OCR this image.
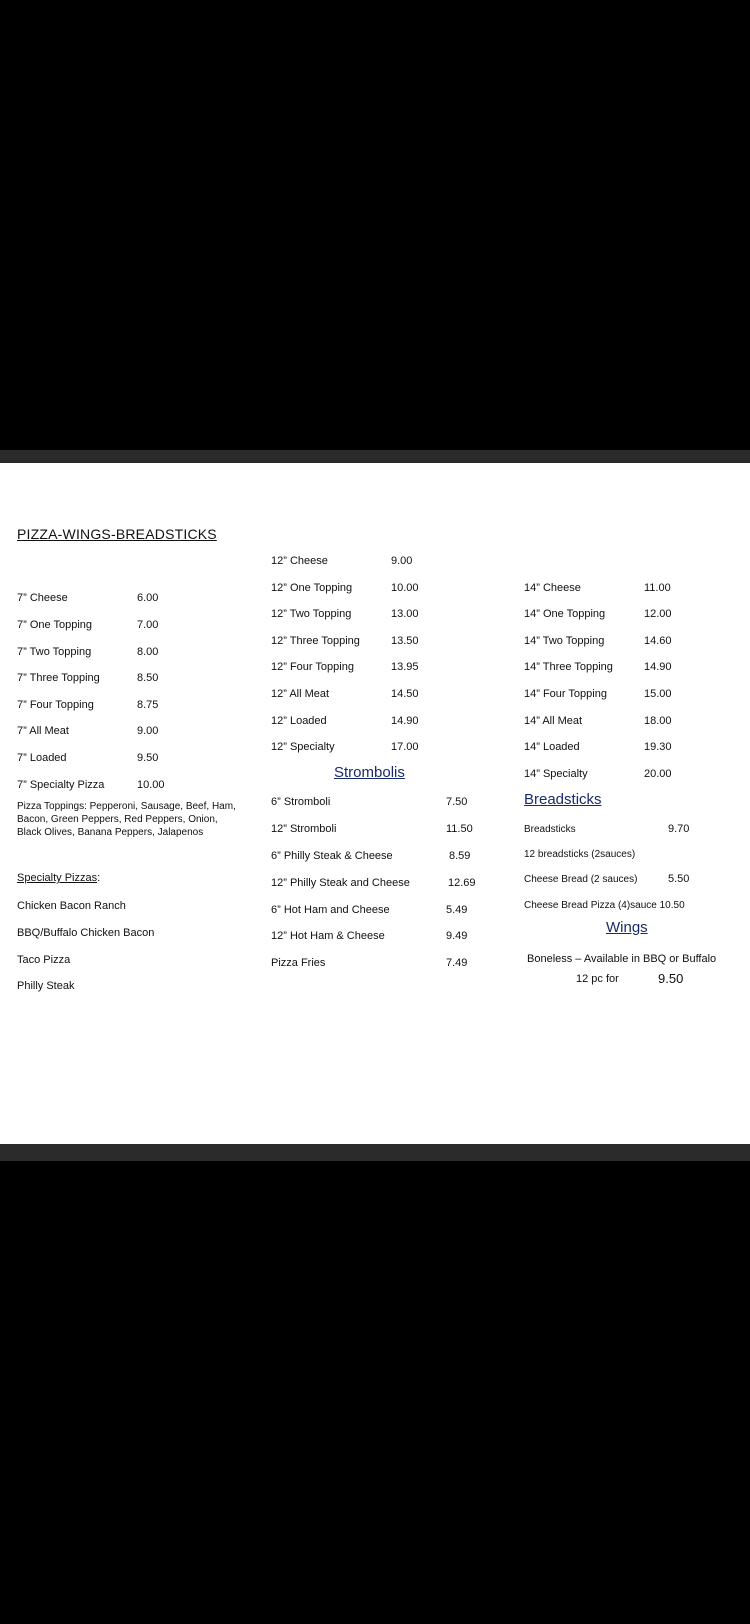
PIZZA-WINGS-BREADSTICKS
7” Cheese	6.00
7” One Topping	7.00
7” Two Topping	8.00
7” Three Topping	8.50
7” Four Topping	8.75
7” All Meat	9.00
7” Loaded	9.50
7” Specialty Pizza	10.00
Pizza Toppings: Pepperoni, Sausage, Beef, Ham, Bacon, Green Peppers, Red Peppers, Onion, Black Olives, Banana Peppers, Jalapenos
Specialty Pizzas:
Chicken Bacon Ranch
BBQ/Buffalo Chicken Bacon
Taco Pizza
Philly Steak
12” Cheese	9.00
12” One Topping	10.00
12” Two Topping	13.00
12” Three Topping	13.50
12” Four Topping	13.95
12” All Meat	14.50
12” Loaded	14.90
12” Specialty	17.00
Strombolis
6” Stromboli	7.50
12” Stromboli	11.50
6” Philly Steak & Cheese	8.59
12” Philly Steak and Cheese	12.69
6” Hot Ham and Cheese	5.49
12” Hot Ham & Cheese	9.49
Pizza Fries	7.49
14” Cheese	11.00
14” One Topping	12.00
14” Two Topping	14.60
14” Three Topping	14.90
14” Four Topping	15.00
14” All Meat	18.00
14” Loaded	19.30
14” Specialty	20.00
Breadsticks
Breadsticks	9.70
12 breadsticks (2sauces)
Cheese Bread (2 sauces)	5.50
Cheese Bread Pizza (4)sauce 10.50
Wings
Boneless – Available in BBQ or Buffalo
12 pc for	9.50
